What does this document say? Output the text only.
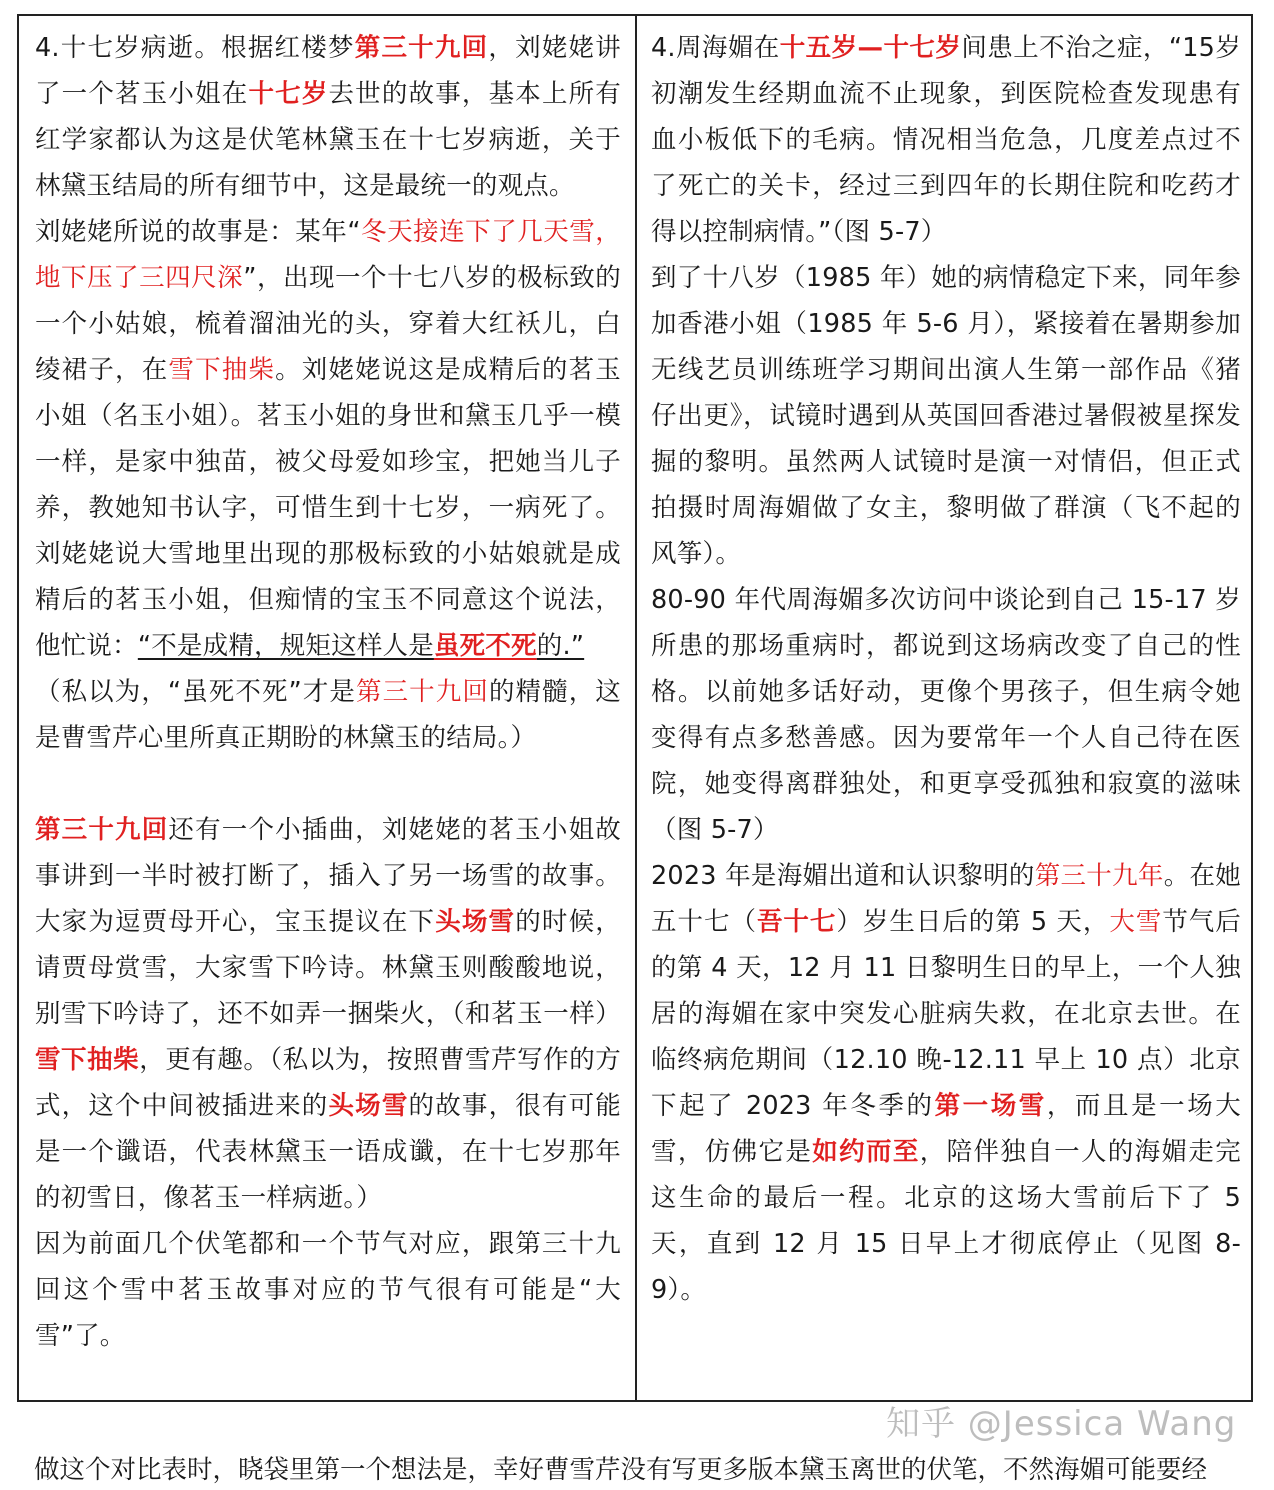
4.十七岁病逝。根据红楼梦第三十九回，刘姥姥讲了一个茗玉小姐在十七岁去世的故事，基本上所有红学家都认为这是伏笔林黛玉在十七岁病逝，关于林黛玉结局的所有细节中，这是最统一的观点。

刘姥姥所说的故事是：某年“冬天接连下了几天雪，地下压了三四尺深”，出现一个十七八岁的极标致的一个小姑娘，梳着溜油光的头，穿着大红袄儿，白绫裙子，在雪下抽柴。刘姥姥说这是成精后的茗玉小姐（名玉小姐）。茗玉小姐的身世和黛玉几乎一模一样，是家中独苗，被父母爱如珍宝，把她当儿子养，教她知书认字，可惜生到十七岁，一病死了。刘姥姥说大雪地里出现的那极标致的小姑娘就是成精后的茗玉小姐，但痴情的宝玉不同意这个说法，他忙说：“不是成精，规矩这样人是虽死不死的.”

（私以为，“虽死不死”才是第三十九回的精髓，这是曹雪芹心里所真正期盼的林黛玉的结局。）

第三十九回还有一个小插曲，刘姥姥的茗玉小姐故事讲到一半时被打断了，插入了另一场雪的故事。大家为逗贾母开心，宝玉提议在下头场雪的时候，请贾母赏雪，大家雪下吟诗。林黛玉则酸酸地说，别雪下吟诗了，还不如弄一捆柴火，（和茗玉一样）雪下抽柴，更有趣。（私以为，按照曹雪芹写作的方式，这个中间被插进来的头场雪的故事，很有可能是一个谶语，代表林黛玉一语成谶，在十七岁那年的初雪日，像茗玉一样病逝。）

因为前面几个伏笔都和一个节气对应，跟第三十九回这个雪中茗玉故事对应的节气很有可能是“大雪”了。

4.周海媚在十五岁—十七岁间患上不治之症，“15岁初潮发生经期血流不止现象，到医院检查发现患有血小板低下的毛病。情况相当危急，几度差点过不了死亡的关卡，经过三到四年的长期住院和吃药才得以控制病情。”（图 5-7）

到了十八岁（1985 年）她的病情稳定下来，同年参加香港小姐（1985 年 5-6 月），紧接着在暑期参加无线艺员训练班学习期间出演人生第一部作品《猪仔出更》，试镜时遇到从英国回香港过暑假被星探发掘的黎明。虽然两人试镜时是演一对情侣，但正式拍摄时周海媚做了女主，黎明做了群演（飞不起的风筝）。

80-90 年代周海媚多次访问中谈论到自己 15-17 岁所患的那场重病时，都说到这场病改变了自己的性格。以前她多话好动，更像个男孩子，但生病令她变得有点多愁善感。因为要常年一个人自己待在医院，她变得离群独处，和更享受孤独和寂寞的滋味（图 5-7）

2023 年是海媚出道和认识黎明的第三十九年。在她五十七（吾十七）岁生日后的第 5 天，大雪节气后的第 4 天，12 月 11 日黎明生日的早上，一个人独居的海媚在家中突发心脏病失救，在北京去世。在临终病危期间（12.10 晚-12.11 早上 10 点）北京下起了 2023 年冬季的第一场雪，而且是一场大雪，仿佛它是如约而至，陪伴独自一人的海媚走完这生命的最后一程。北京的这场大雪前后下了 5 天，直到 12 月 15 日早上才彻底停止（见图 8-9）。

知乎 @Jessica Wang
做这个对比表时，晓袋里第一个想法是，幸好曹雪芹没有写更多版本黛玉离世的伏笔，不然海媚可能要经
